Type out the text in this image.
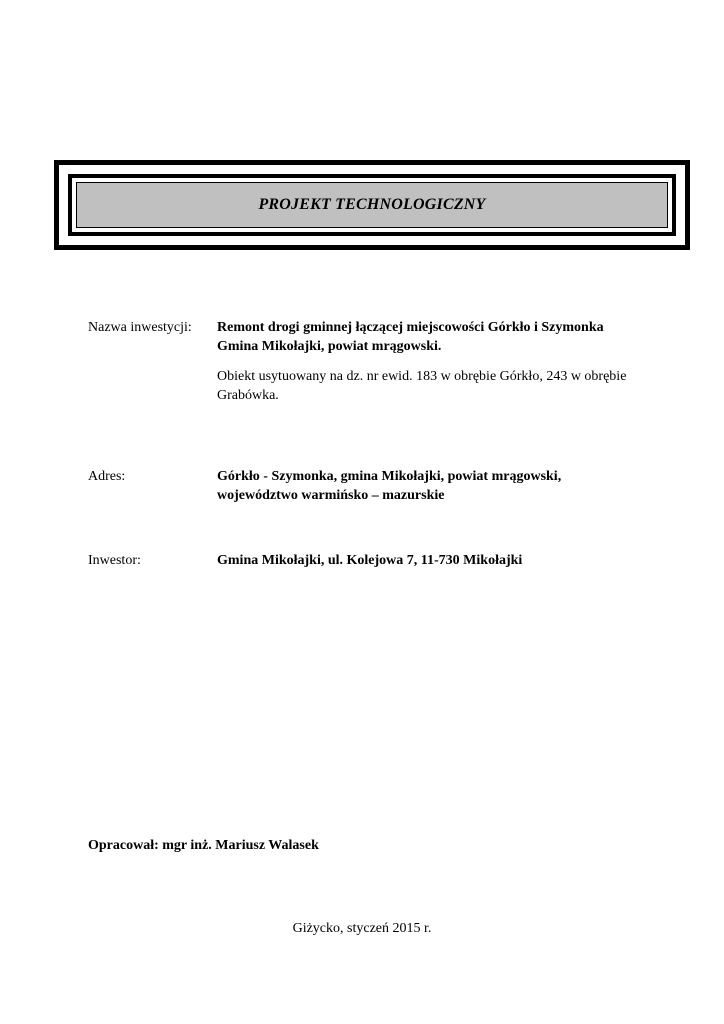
PROJEKT TECHNOLOGICZNY
Nazwa inwestycji: Remont drogi gminnej łączącej miejscowości Górkło i Szymonka
Gmina Mikołajki, powiat mrągowski.
Obiekt usytuowany na dz. nr ewid. 183 w obrębie Górkło, 243 w obrębie
Grabówka.
Adres:	Górkło - Szymonka, gmina Mikołajki, powiat mrągowski,
województwo warmińsko – mazurskie
Inwestor:	Gmina Mikołajki, ul. Kolejowa 7, 11-730 Mikołajki
Opracował: mgr inż. Mariusz Walasek
Giżycko, styczeń 2015 r.
